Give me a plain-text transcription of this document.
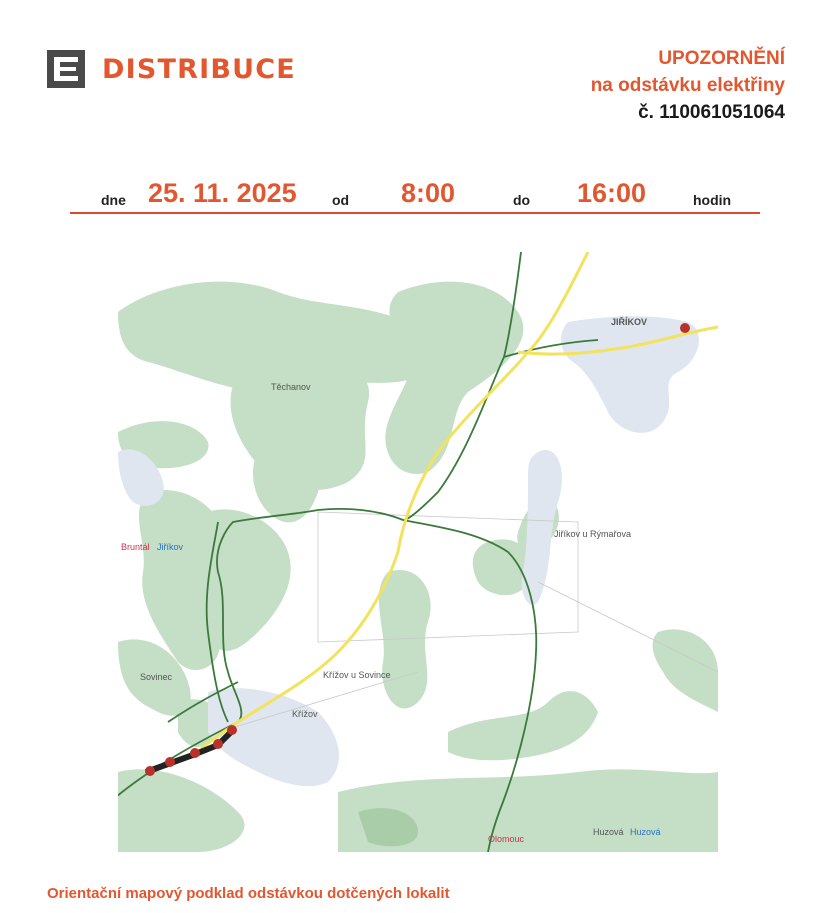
DISTRIBUCE	UPOZORNĚNÍ
na odstávku elektřiny
č. 110061051064
dne 25. 11. 2025	od 8:00	do 16:00	hodin
JIŘÍKOV
Těchanov
Bruntál Jiříkov
Jiříkov u Rýmařova
Sovinec	Křížov u Sovince
Křížov
Olomouc
Huzová Huzová
Orientační mapový podklad odstávkou dotčených lokalit
